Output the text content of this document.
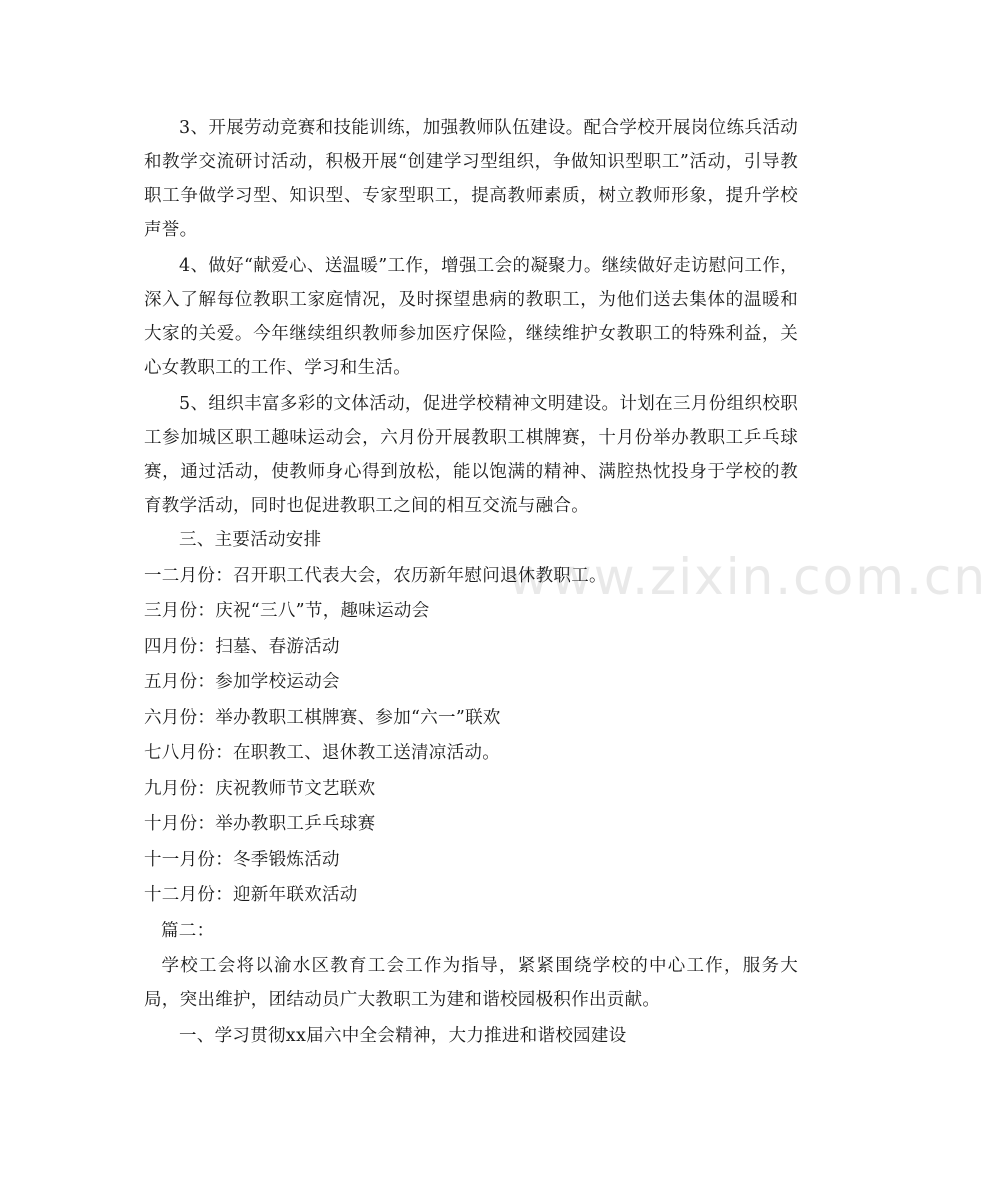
www.zixin.com.cn

3、开展劳动竞赛和技能训练，加强教师队伍建设。配合学校开展岗位练兵活动和教学交流研讨活动，积极开展“创建学习型组织，争做知识型职工”活动，引导教职工争做学习型、知识型、专家型职工，提高教师素质，树立教师形象，提升学校声誉。

4、做好“献爱心、送温暖”工作，增强工会的凝聚力。继续做好走访慰问工作，深入了解每位教职工家庭情况，及时探望患病的教职工，为他们送去集体的温暖和大家的关爱。今年继续组织教师参加医疗保险，继续维护女教职工的特殊利益，关心女教职工的工作、学习和生活。

5、组织丰富多彩的文体活动，促进学校精神文明建设。计划在三月份组织校职工参加城区职工趣味运动会，六月份开展教职工棋牌赛，十月份举办教职工乒乓球赛，通过活动，使教师身心得到放松，能以饱满的精神、满腔热忱投身于学校的教育教学活动，同时也促进教职工之间的相互交流与融合。

三、主要活动安排

一二月份：召开职工代表大会，农历新年慰问退休教职工。

三月份：庆祝“三八”节，趣味运动会

四月份：扫墓、春游活动

五月份：参加学校运动会

六月份：举办教职工棋牌赛、参加“六一”联欢

七八月份：在职教工、退休教工送清凉活动。

九月份：庆祝教师节文艺联欢

十月份：举办教职工乒乓球赛

十一月份：冬季锻炼活动

十二月份：迎新年联欢活动

篇二：

学校工会将以渝水区教育工会工作为指导，紧紧围绕学校的中心工作，服务大局，突出维护，团结动员广大教职工为建和谐校园极积作出贡献。

一、学习贯彻xx届六中全会精神，大力推进和谐校园建设
